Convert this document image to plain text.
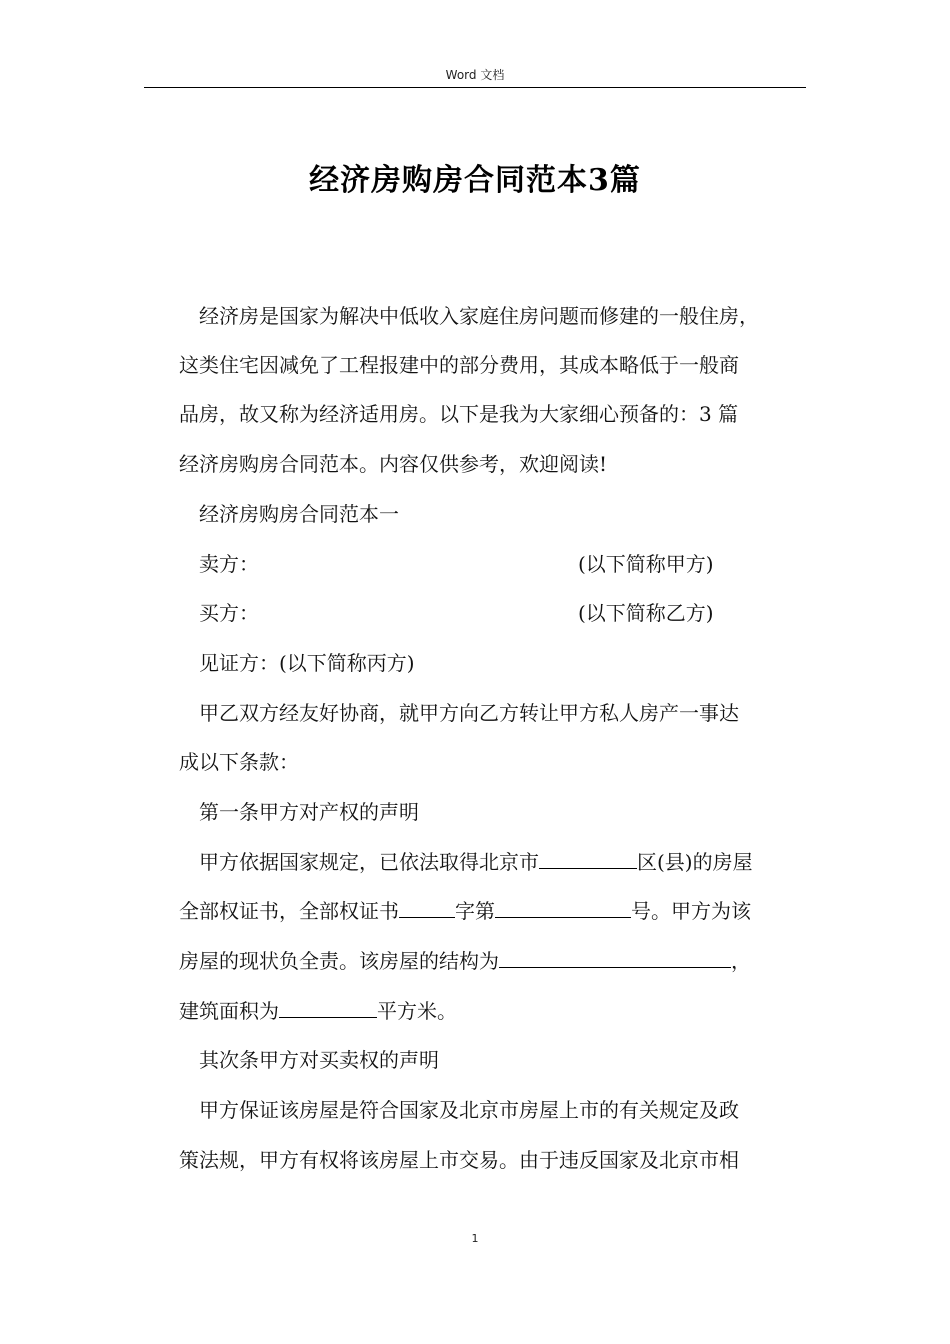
Word 文档
经济房购房合同范本3篇
经济房是国家为解决中低收入家庭住房问题而修建的一般住房，
这类住宅因减免了工程报建中的部分费用，其成本略低于一般商
品房，故又称为经济适用房。以下是我为大家细心预备的：3 篇
经济房购房合同范本。内容仅供参考，欢迎阅读!
经济房购房合同范本一
卖方：	(以下简称甲方)
买方：	(以下简称乙方)
见证方：(以下简称丙方)
甲乙双方经友好协商，就甲方向乙方转让甲方私人房产一事达
成以下条款：
第一条甲方对产权的声明
甲方依据国家规定，已依法取得北京市	区(县)的房屋
全部权证书，全部权证书	字第	号。甲方为该
房屋的现状负全责。该房屋的结构为	，
建筑面积为	平方米。
其次条甲方对买卖权的声明
甲方保证该房屋是符合国家及北京市房屋上市的有关规定及政
策法规，甲方有权将该房屋上市交易。由于违反国家及北京市相
1
